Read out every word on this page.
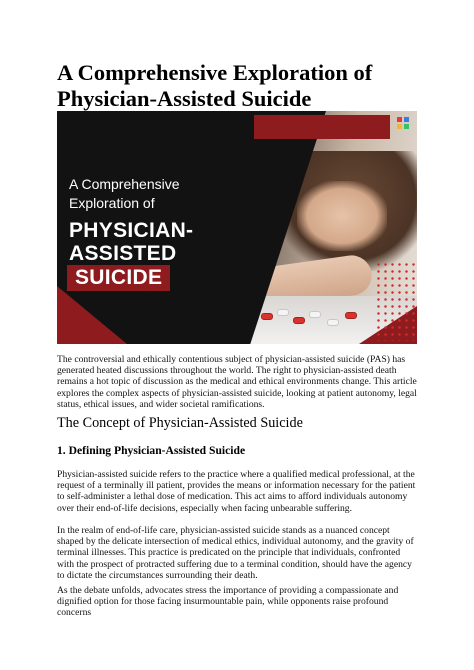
A Comprehensive Exploration of Physician-Assisted Suicide
A Comprehensive
Exploration of
PHYSICIAN-
ASSISTED
SUICIDE

The controversial and ethically contentious subject of physician-assisted suicide (PAS) has generated heated discussions throughout the world. The right to physician-assisted death remains a hot topic of discussion as the medical and ethical environments change. This article explores the complex aspects of physician-assisted suicide, looking at patient autonomy, legal status, ethical issues, and wider societal ramifications.

The Concept of Physician-Assisted Suicide
1. Defining Physician-Assisted Suicide

Physician-assisted suicide refers to the practice where a qualified medical professional, at the request of a terminally ill patient, provides the means or information necessary for the patient to self-administer a lethal dose of medication. This act aims to afford individuals autonomy over their end-of-life decisions, especially when facing unbearable suffering.

In the realm of end-of-life care, physician-assisted suicide stands as a nuanced concept shaped by the delicate intersection of medical ethics, individual autonomy, and the gravity of terminal illnesses. This practice is predicated on the principle that individuals, confronted with the prospect of protracted suffering due to a terminal condition, should have the agency to dictate the circumstances surrounding their death.

As the debate unfolds, advocates stress the importance of providing a compassionate and dignified option for those facing insurmountable pain, while opponents raise profound concerns
